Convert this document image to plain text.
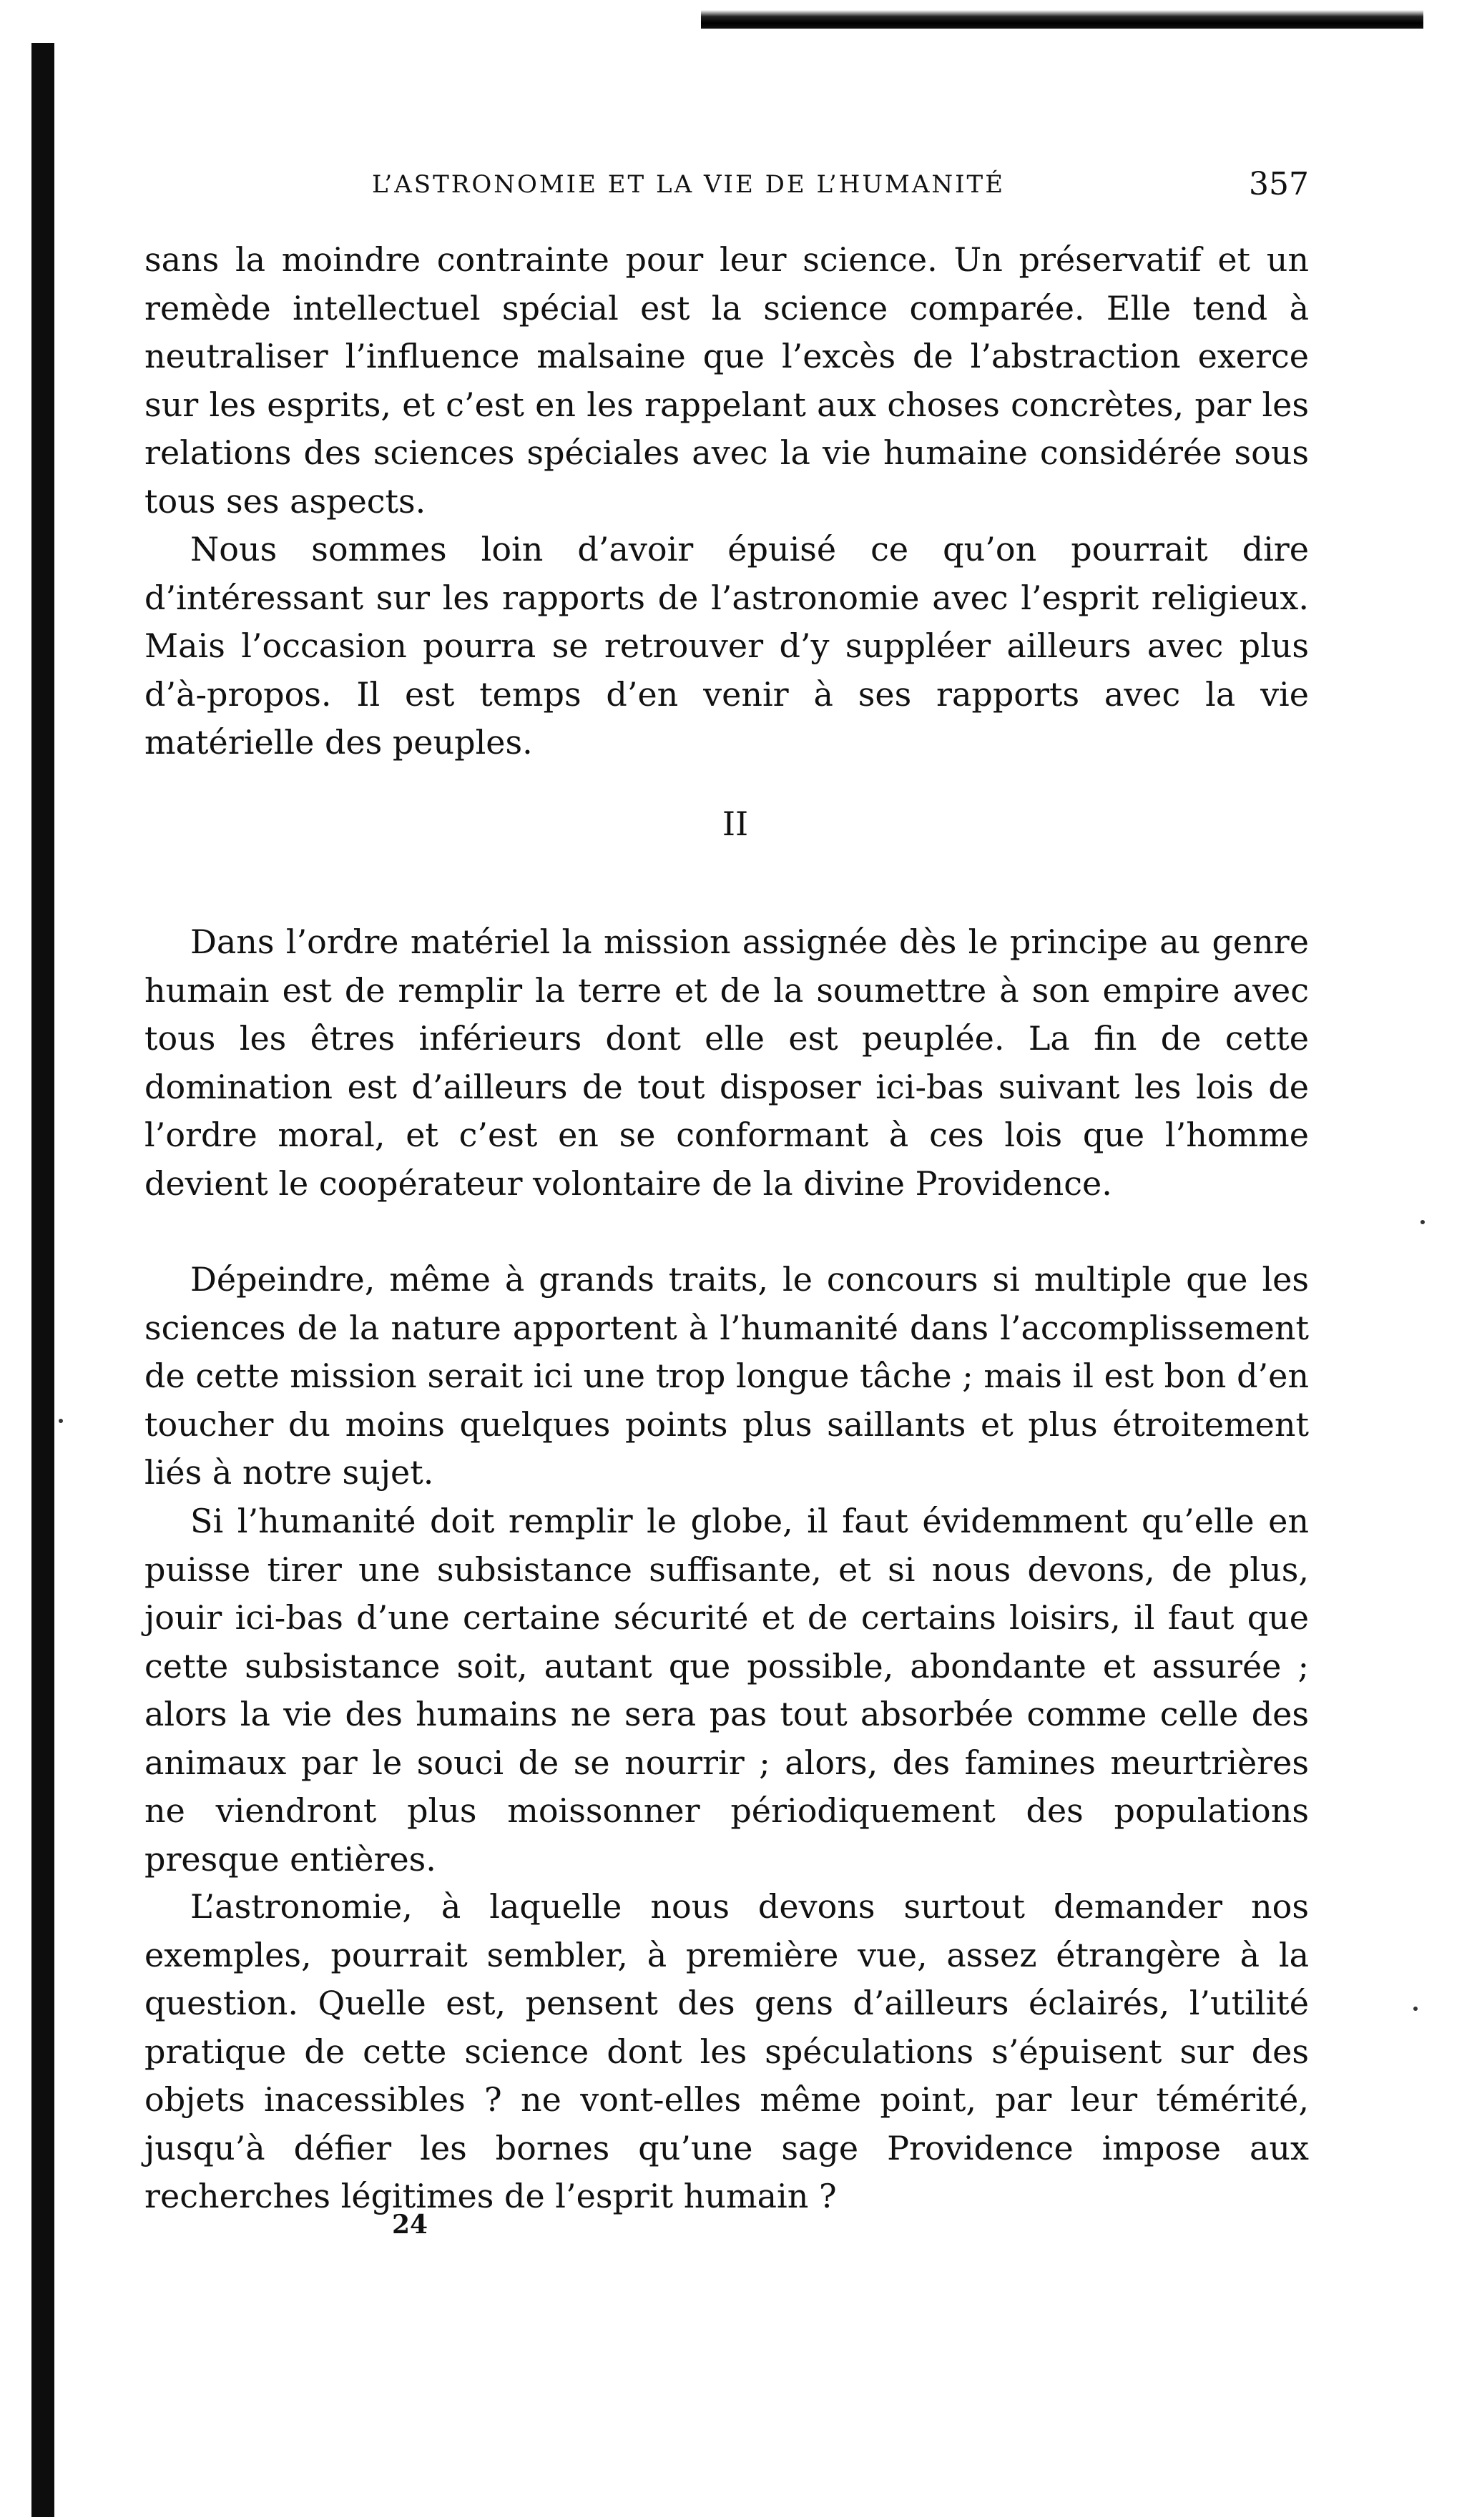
L’ASTRONOMIE ET LA VIE DE L’HUMANITÉ	357

sans la moindre contrainte pour leur science. Un préservatif et un remède intellectuel spécial est la science comparée. Elle tend à neutraliser l’influence malsaine que l’excès de l’abstraction exerce sur les esprits, et c’est en les rappelant aux choses concrètes, par les relations des sciences spéciales avec la vie humaine considérée sous tous ses aspects.

Nous sommes loin d’avoir épuisé ce qu’on pourrait dire d’intéressant sur les rapports de l’astronomie avec l’esprit religieux. Mais l’occasion pourra se retrouver d’y suppléer ailleurs avec plus d’à-propos. Il est temps d’en venir à ses rapports avec la vie matérielle des peuples.

II

Dans l’ordre matériel la mission assignée dès le principe au genre humain est de remplir la terre et de la soumettre à son empire avec tous les êtres inférieurs dont elle est peuplée. La fin de cette domination est d’ailleurs de tout disposer ici-bas suivant les lois de l’ordre moral, et c’est en se conformant à ces lois que l’homme devient le coopérateur volontaire de la divine Providence.

Dépeindre, même à grands traits, le concours si multiple que les sciences de la nature apportent à l’humanité dans l’accomplissement de cette mission serait ici une trop longue tâche ; mais il est bon d’en toucher du moins quelques points plus saillants et plus étroitement liés à notre sujet.

Si l’humanité doit remplir le globe, il faut évidemment qu’elle en puisse tirer une subsistance suffisante, et si nous devons, de plus, jouir ici-bas d’une certaine sécurité et de certains loisirs, il faut que cette subsistance soit, autant que possible, abondante et assurée ; alors la vie des humains ne sera pas tout absorbée comme celle des animaux par le souci de se nourrir ; alors, des famines meurtrières ne viendront plus moissonner périodiquement des populations presque entières.

L’astronomie, à laquelle nous devons surtout demander nos exemples, pourrait sembler, à première vue, assez étrangère à la question. Quelle est, pensent des gens d’ailleurs éclairés, l’utilité pratique de cette science dont les spéculations s’épuisent sur des objets inacessibles ? ne vont-elles même point, par leur témérité, jusqu’à défier les bornes qu’une sage Providence impose aux recherches légitimes de l’esprit humain ?

24
